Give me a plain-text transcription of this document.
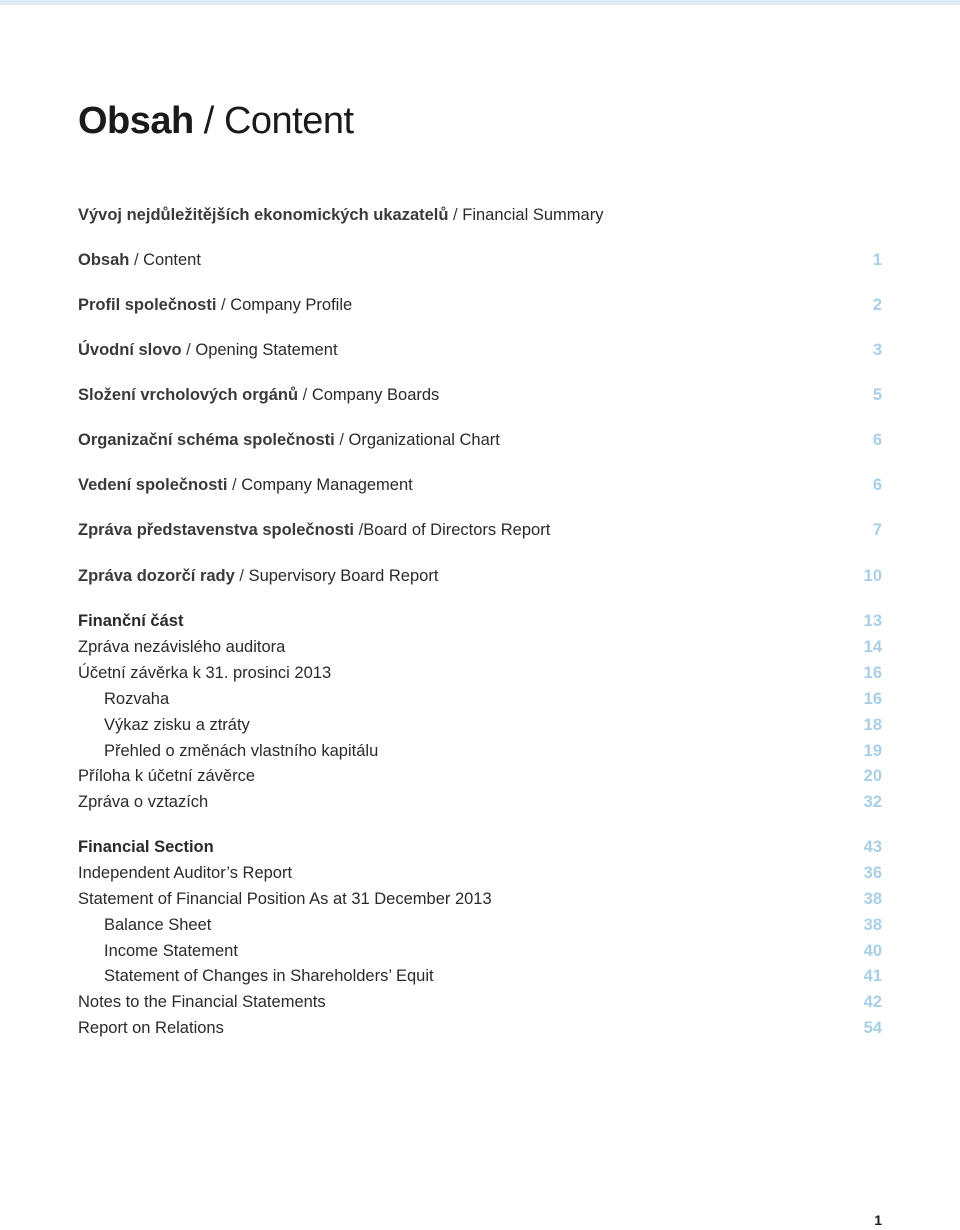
Obsah / Content
Vývoj nejdůležitějších ekonomických ukazatelů / Financial Summary
Obsah / Content	1
Profil společnosti / Company Profile	2
Úvodní slovo / Opening Statement	3
Složení vrcholových orgánů / Company Boards	5
Organizační schéma společnosti / Organizational Chart	6
Vedení společnosti / Company Management	6
Zpráva představenstva společnosti /Board of Directors Report	7
Zpráva dozorčí rady / Supervisory Board Report	10
Finanční část	13
Zpráva nezávislého auditora	14
Účetní závěrka k 31. prosinci 2013	16
Rozvaha	16
Výkaz zisku a ztráty	18
Přehled o změnách vlastního kapitálu	19
Příloha k účetní závěrce	20
Zpráva o vztazích	32
Financial Section	43
Independent Auditor’s Report	36
Statement of Financial Position As at 31 December 2013	38
Balance Sheet	38
Income Statement	40
Statement of Changes in Shareholders’ Equit	41
Notes to the Financial Statements	42
Report on Relations	54
1
